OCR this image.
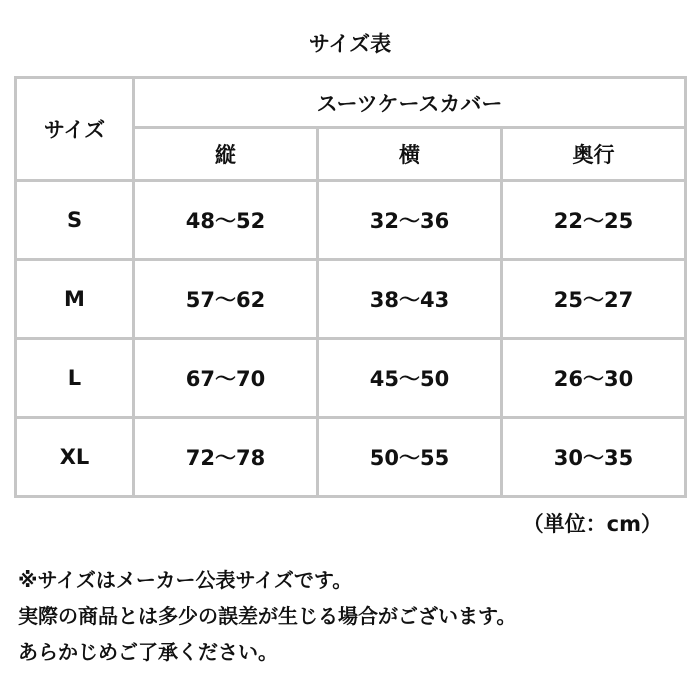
サイズ表
サイズ	スーツケースカバー		
	縦	横	奥行
S	48〜52	32〜36	22〜25
M	57〜62	38〜43	25〜27
L	67〜70	45〜50	26〜30
XL	72〜78	50〜55	30〜35
（単位：cm）
※サイズはメーカー公表サイズです。
実際の商品とは多少の誤差が生じる場合がございます。
あらかじめご了承ください。
